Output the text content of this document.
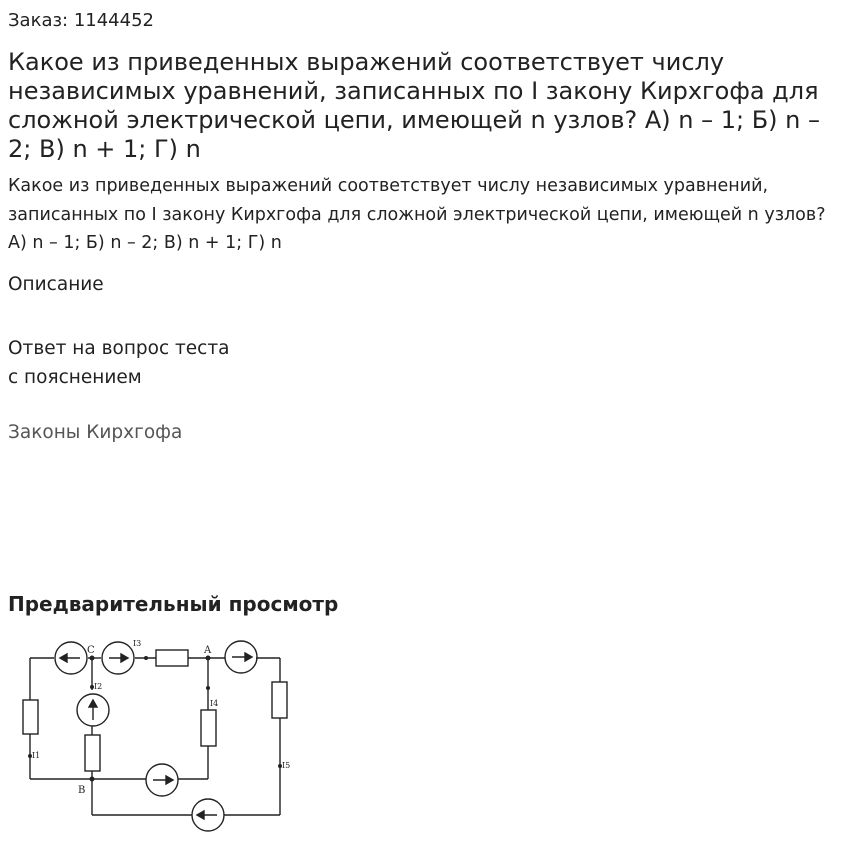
Заказ: 1144452
Какое из приведенных выражений соответствует числу независимых уравнений, записанных по I закону Кирхгофа для сложной электрической цепи, имеющей n узлов? А) n – 1; Б) n – 2; В) n + 1; Г) n

Какое из приведенных выражений соответствует числу независимых уравнений, записанных по I закону Кирхгофа для сложной электрической цепи, имеющей n узлов? А) n – 1; Б) n – 2; В) n + 1; Г) n

Описание
Ответ на вопрос теста
с пояснением
Законы Кирхгофа
Предварительный просмотр
C	A
B
I1
I2
I3
I4
I5
